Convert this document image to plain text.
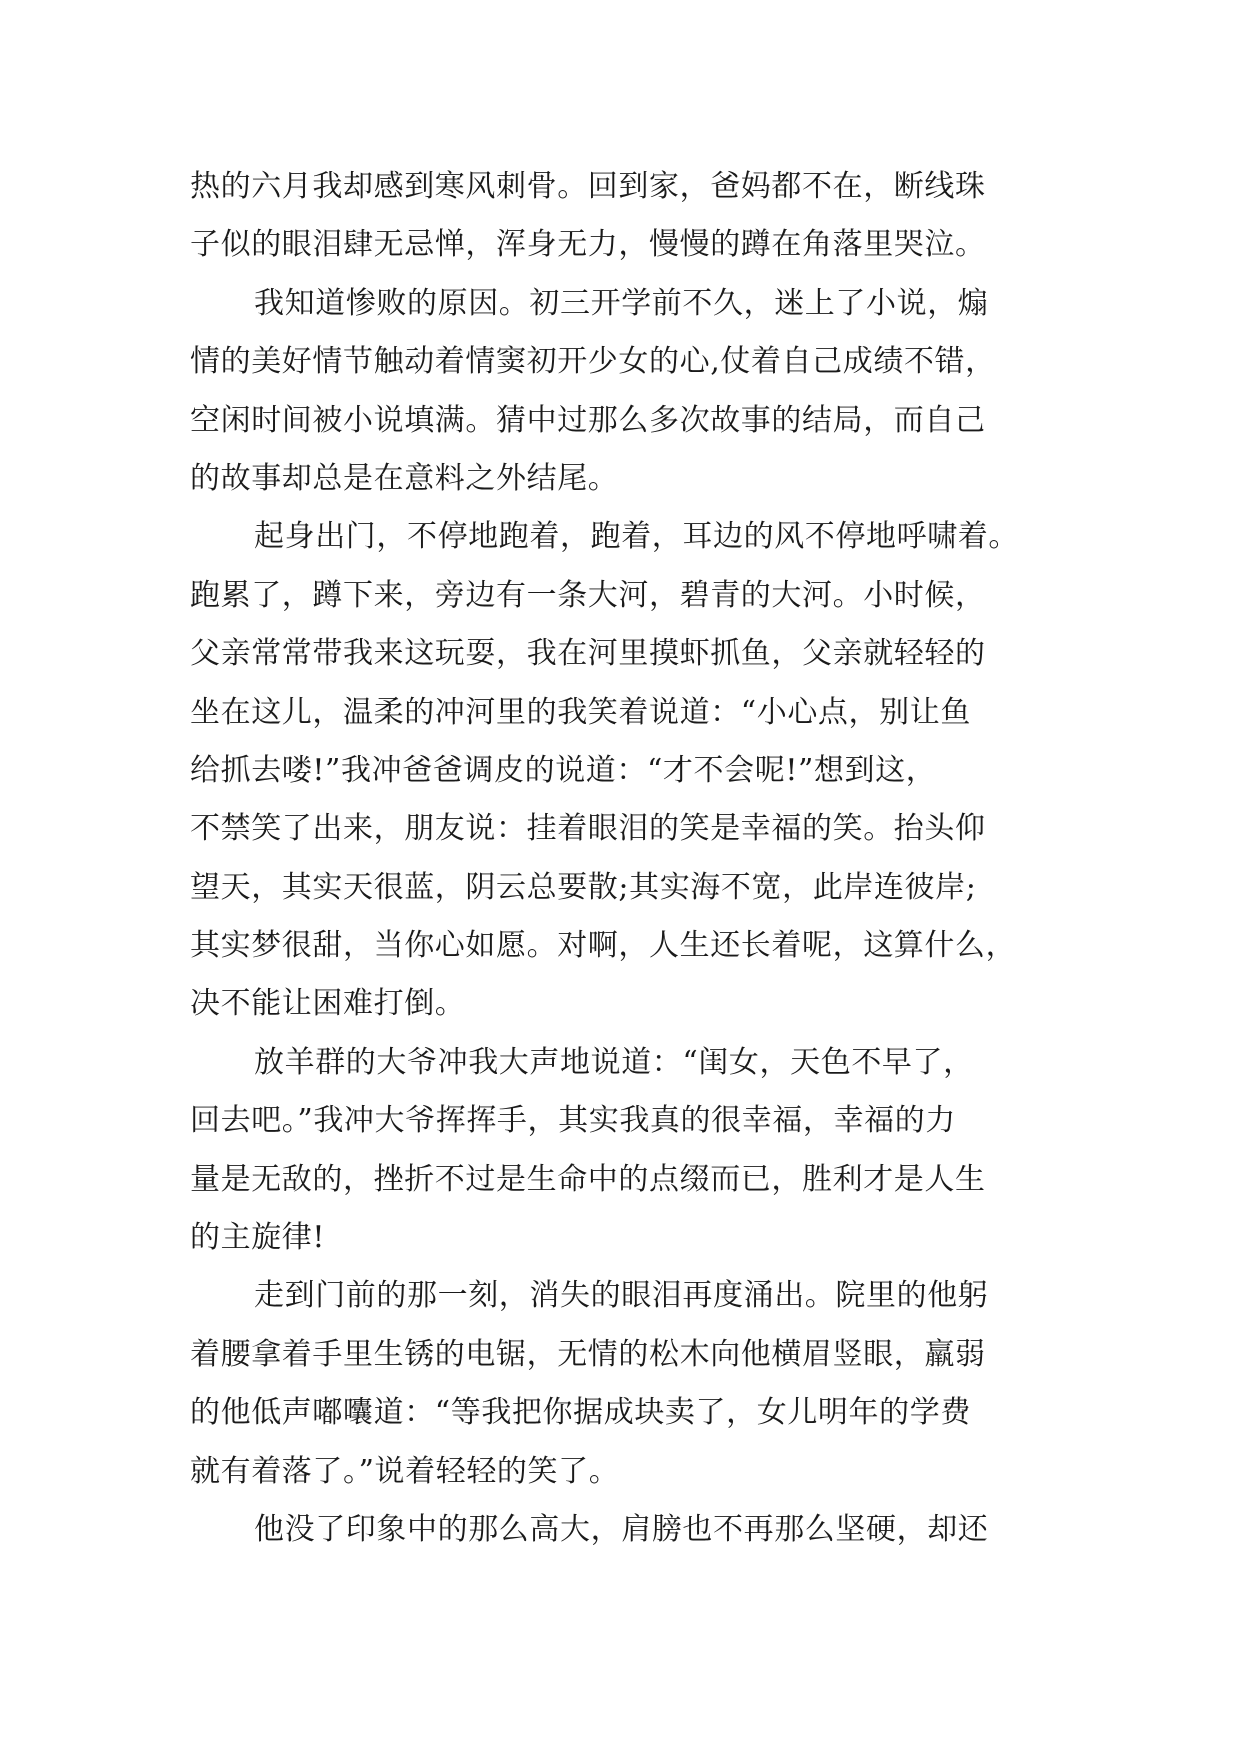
热的六月我却感到寒风刺骨。回到家，爸妈都不在，断线珠
子似的眼泪肆无忌惮，浑身无力，慢慢的蹲在角落里哭泣。
我知道惨败的原因。初三开学前不久，迷上了小说，煽
情的美好情节触动着情窦初开少女的心,仗着自己成绩不错，
空闲时间被小说填满。猜中过那么多次故事的结局，而自己
的故事却总是在意料之外结尾。
起身出门，不停地跑着，跑着，耳边的风不停地呼啸着。
跑累了，蹲下来，旁边有一条大河，碧青的大河。小时候，
父亲常常带我来这玩耍，我在河里摸虾抓鱼，父亲就轻轻的
坐在这儿，温柔的冲河里的我笑着说道：“小心点，别让鱼
给抓去喽!”我冲爸爸调皮的说道：“才不会呢!”想到这，
不禁笑了出来，朋友说：挂着眼泪的笑是幸福的笑。抬头仰
望天，其实天很蓝，阴云总要散;其实海不宽，此岸连彼岸;
其实梦很甜，当你心如愿。对啊，人生还长着呢，这算什么，
决不能让困难打倒。
放羊群的大爷冲我大声地说道：“闺女，天色不早了，
回去吧。”我冲大爷挥挥手，其实我真的很幸福，幸福的力
量是无敌的，挫折不过是生命中的点缀而已，胜利才是人生
的主旋律!
走到门前的那一刻，消失的眼泪再度涌出。院里的他躬
着腰拿着手里生锈的电锯，无情的松木向他横眉竖眼，羸弱
的他低声嘟囔道：“等我把你据成块卖了，女儿明年的学费
就有着落了。”说着轻轻的笑了。
他没了印象中的那么高大，肩膀也不再那么坚硬，却还
